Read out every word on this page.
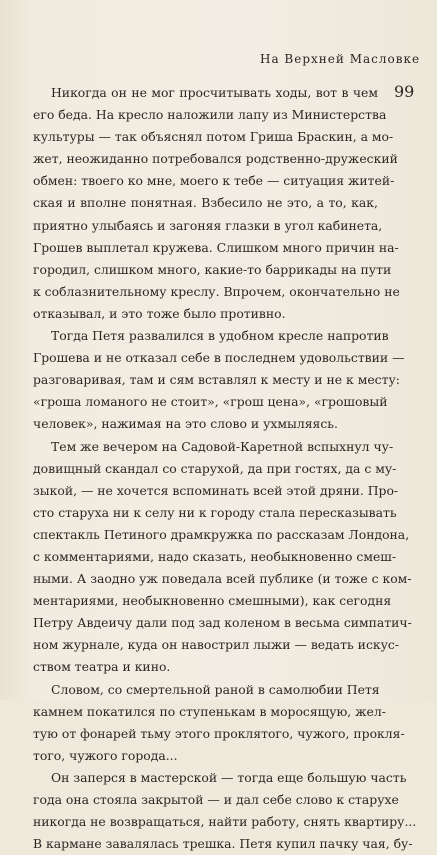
На Верхней Масловке
99
Никогда он не мог просчитывать ходы, вот в чем
его беда. На кресло наложили лапу из Министерства
культуры — так объяснял потом Гриша Браскин, а мо-
жет, неожиданно потребовался родственно-дружеский
обмен: твоего ко мне, моего к тебе — ситуация житей-
ская и вполне понятная. Взбесило не это, а то, как,
приятно улыбаясь и загоняя глазки в угол кабинета,
Грошев выплетал кружева. Слишком много причин на-
городил, слишком много, какие-то баррикады на пути
к соблазнительному креслу. Впрочем, окончательно не
отказывал, и это тоже было противно.
Тогда Петя развалился в удобном кресле напротив
Грошева и не отказал себе в последнем удовольствии —
разговаривая, там и сям вставлял к месту и не к месту:
«гроша ломаного не стоит», «грош цена», «грошовый
человек», нажимая на это слово и ухмыляясь.
Тем же вечером на Садовой-Каретной вспыхнул чу-
довищный скандал со старухой, да при гостях, да с му-
зыкой, — не хочется вспоминать всей этой дряни. Про-
сто старуха ни к селу ни к городу стала пересказывать
спектакль Петиного драмкружка по рассказам Лондона,
с комментариями, надо сказать, необыкновенно смеш-
ными. А заодно уж поведала всей публике (и тоже с ком-
ментариями, необыкновенно смешными), как сегодня
Петру Авдеичу дали под зад коленом в весьма симпатич-
ном журнале, куда он навострил лыжи — ведать искус-
ством театра и кино.
Словом, со смертельной раной в самолюбии Петя
камнем покатился по ступенькам в моросящую, жел-
тую от фонарей тьму этого проклятого, чужого, прокля-
того, чужого города...
Он заперся в мастерской — тогда еще большую часть
года она стояла закрытой — и дал себе слово к старухе
никогда не возвращаться, найти работу, снять квартиру...
В кармане завалялась трешка. Петя купил пачку чая, бу-
